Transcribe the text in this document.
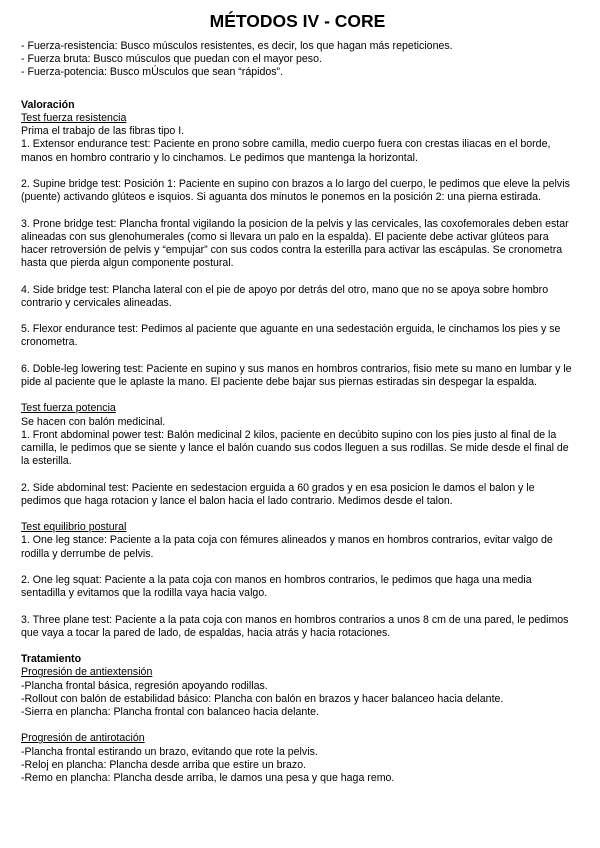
MÉTODOS IV - CORE
- Fuerza-resistencia: Busco músculos resistentes, es decir, los que hagan más repeticiones.
- Fuerza bruta: Busco músculos que puedan con el mayor peso.
- Fuerza-potencia: Busco mÚsculos que sean “rápidos”.

Valoración

Test fuerza resistencia

Prima el trabajo de las fibras tipo I.

1. Extensor endurance test: Paciente en prono sobre camilla, medio cuerpo fuera con crestas iliacas en el borde, manos en hombro contrario y lo cinchamos. Le pedimos que mantenga la horizontal.

2. Supine bridge test: Posición 1: Paciente en supino con brazos a lo largo del cuerpo, le pedimos que eleve la pelvis (puente) activando glúteos e isquios. Si aguanta dos minutos le ponemos en la posición 2: una pierna estirada.

3. Prone bridge test: Plancha frontal vigilando la posicion de la pelvis y las cervicales, las coxofemorales deben estar alineadas con sus glenohumerales (como si llevara un palo en la espalda). El paciente debe activar glúteos para hacer retroversión de pelvis y “empujar” con sus codos contra la esterilla para activar las escápulas. Se cronometra hasta que pierda algun componente postural.

4. Side bridge test: Plancha lateral con el pie de apoyo por detrás del otro, mano que no se apoya sobre hombro contrario y cervicales alineadas.

5. Flexor endurance test: Pedimos al paciente que aguante en una sedestación erguida, le cinchamos los pies y se cronometra.

6. Doble-leg lowering test: Paciente en supino y sus manos en hombros contrarios, fisio mete su mano en lumbar y le pide al paciente que le aplaste la mano. El paciente debe bajar sus piernas estiradas sin despegar la espalda.

Test fuerza potencia

Se hacen con balón medicinal.

1. Front abdominal power test: Balón medicinal 2 kilos, paciente en decúbito supino con los pies justo al final de la camilla, le pedimos que se siente y lance el balón cuando sus codos lleguen a sus rodillas. Se mide desde el final de la esterilla.

2. Side abdominal test: Paciente en sedestacion erguida a 60 grados y en esa posicion le damos el balon y le pedimos que haga rotacion y lance el balon hacia el lado contrario. Medimos desde el talon.

Test equilibrio postural

1. One leg stance: Paciente a la pata coja con fémures alineados y manos en hombros contrarios, evitar valgo de rodilla y derrumbe de pelvis.

2. One leg squat: Paciente a la pata coja con manos en hombros contrarios, le pedimos que haga una media sentadilla y evitamos que la rodilla vaya hacia valgo.

3. Three plane test: Paciente a la pata coja con manos en hombros contrarios a unos 8 cm de una pared, le pedimos que vaya a tocar la pared de lado, de espaldas, hacia atrás y hacia rotaciones.

Tratamiento

Progresión de antiextensión

-Plancha frontal básica, regresión apoyando rodillas.
-Rollout con balón de estabilidad básico: Plancha con balón en brazos y hacer balanceo hacia delante.
-Sierra en plancha: Plancha frontal con balanceo hacia delante.

Progresión de antirotación

-Plancha frontal estirando un brazo, evitando que rote la pelvis.
-Reloj en plancha: Plancha desde arriba que estire un brazo.
-Remo en plancha: Plancha desde arriba, le damos una pesa y que haga remo.
